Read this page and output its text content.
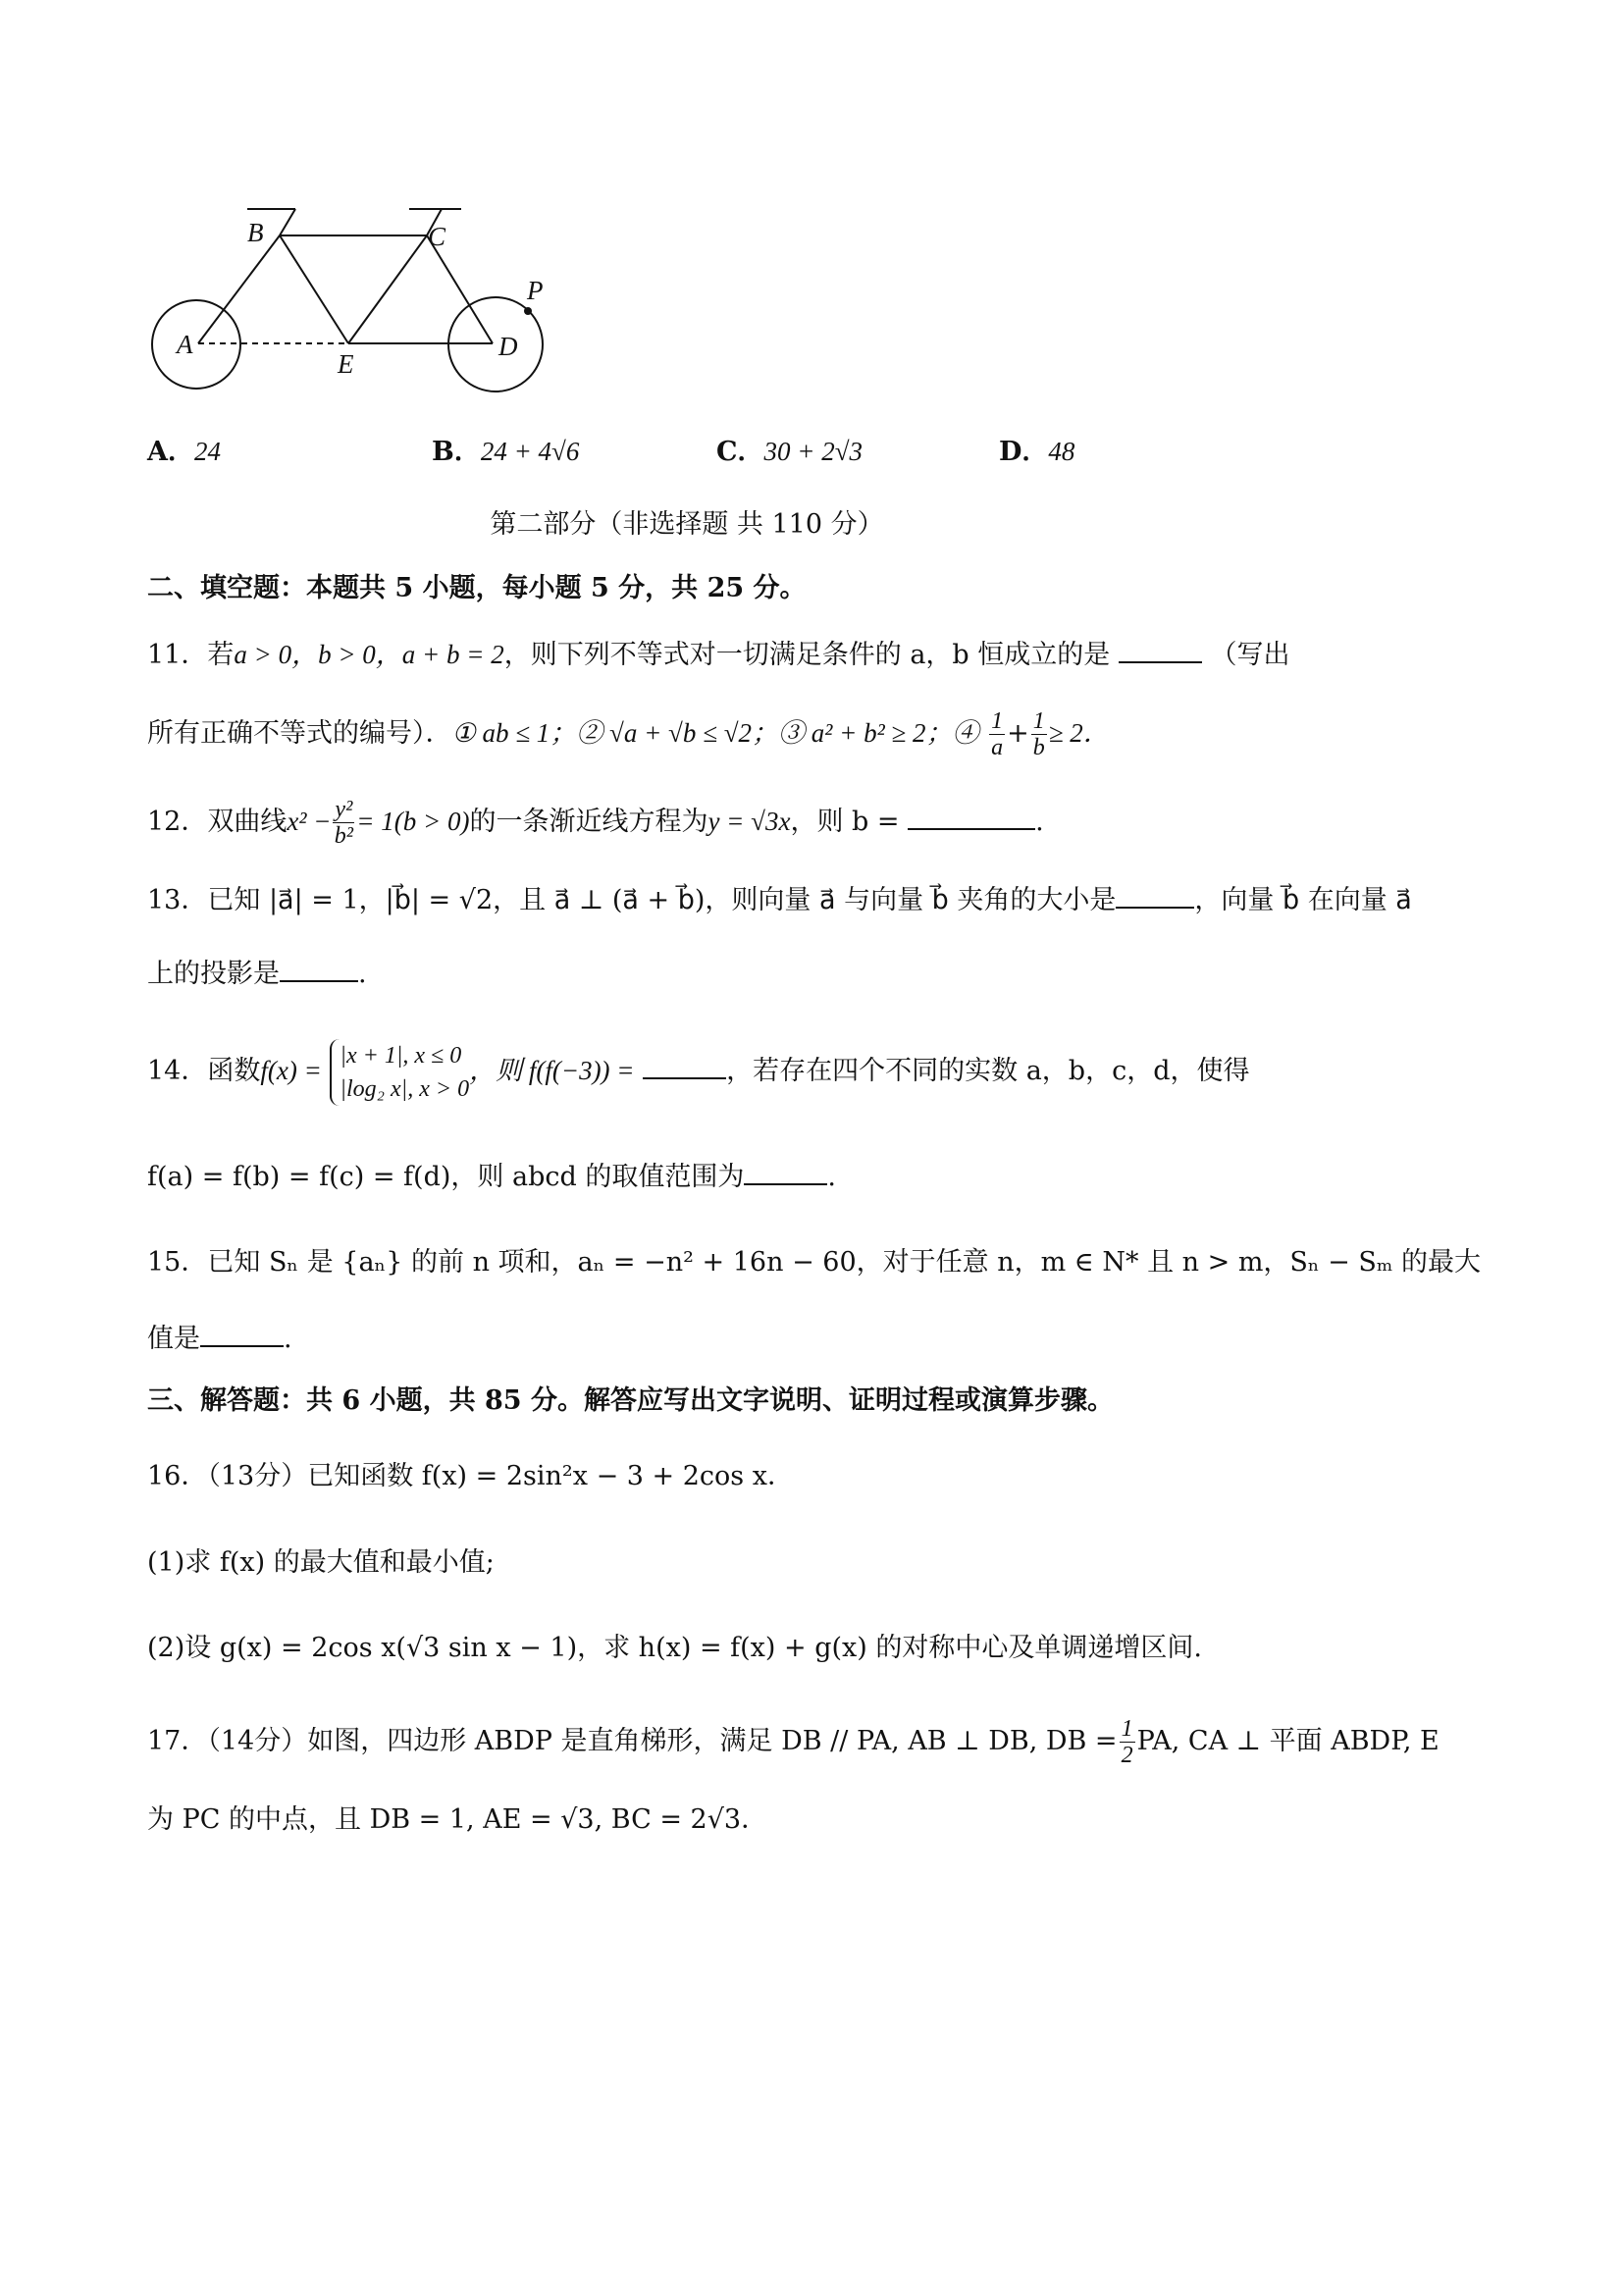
A
B	C
D
E
P
A．24	B．24 + 4√6	C．30 + 2√3	D．48
第二部分（非选择题 共 110 分）
二、填空题：本题共 5 小题，每小题 5 分，共 25 分。
11．若a > 0，b > 0，a + b = 2，则下列不等式对一切满足条件的 a，b 恒成立的是	（写出
所有正确不等式的编号）．① ab ≤ 1；② √a + √b ≤ √2；③ a² + b² ≥ 2；④ $\frac{1}{a} + \frac{1}{b} \ge 2$．
12．双曲线$x^2 - \frac{\text{y²}}{\text{b²}} = 1(b > 0)$的一条渐近线方程为y = √3x，则 b =	.
13．已知 |a⃗| = 1，|b⃗| = √2，且 a⃗ ⊥ (a⃗ + b⃗)，则向量 a⃗ 与向量 b⃗ 夹角的大小是	，向量 b⃗ 在向量 a⃗
上的投影是	.
14．函数f(x) =
|x + 1|, x ≤ 0
|log₂ x|, x > 0
，则 f(f(−3)) =	，若存在四个不同的实数 a，b，c，d，使得
f(a) = f(b) = f(c) = f(d)，则 abcd 的取值范围为	.
15．已知 Sₙ 是 {aₙ} 的前 n 项和，aₙ = −n² + 16n − 60，对于任意 n，m ∈ N* 且 n > m，Sₙ − Sₘ 的最大
值是	.
三、解答题：共 6 小题，共 85 分。解答应写出文字说明、证明过程或演算步骤。
16．（13分）已知函数 f(x) = 2sin²x − 3 + 2cos x．
(1)求 f(x) 的最大值和最小值;
(2)设 g(x) = 2cos x(√3 sin x − 1)，求 h(x) = f(x) + g(x) 的对称中心及单调递增区间.
17．（14分）如图，四边形 ABDP 是直角梯形，满足 DB // PA, AB ⊥ DB, DB = $\frac{1}{2}$ PA, CA ⊥ 平面 ABDP, E
为 PC 的中点，且 DB = 1, AE = √3, BC = 2√3．
